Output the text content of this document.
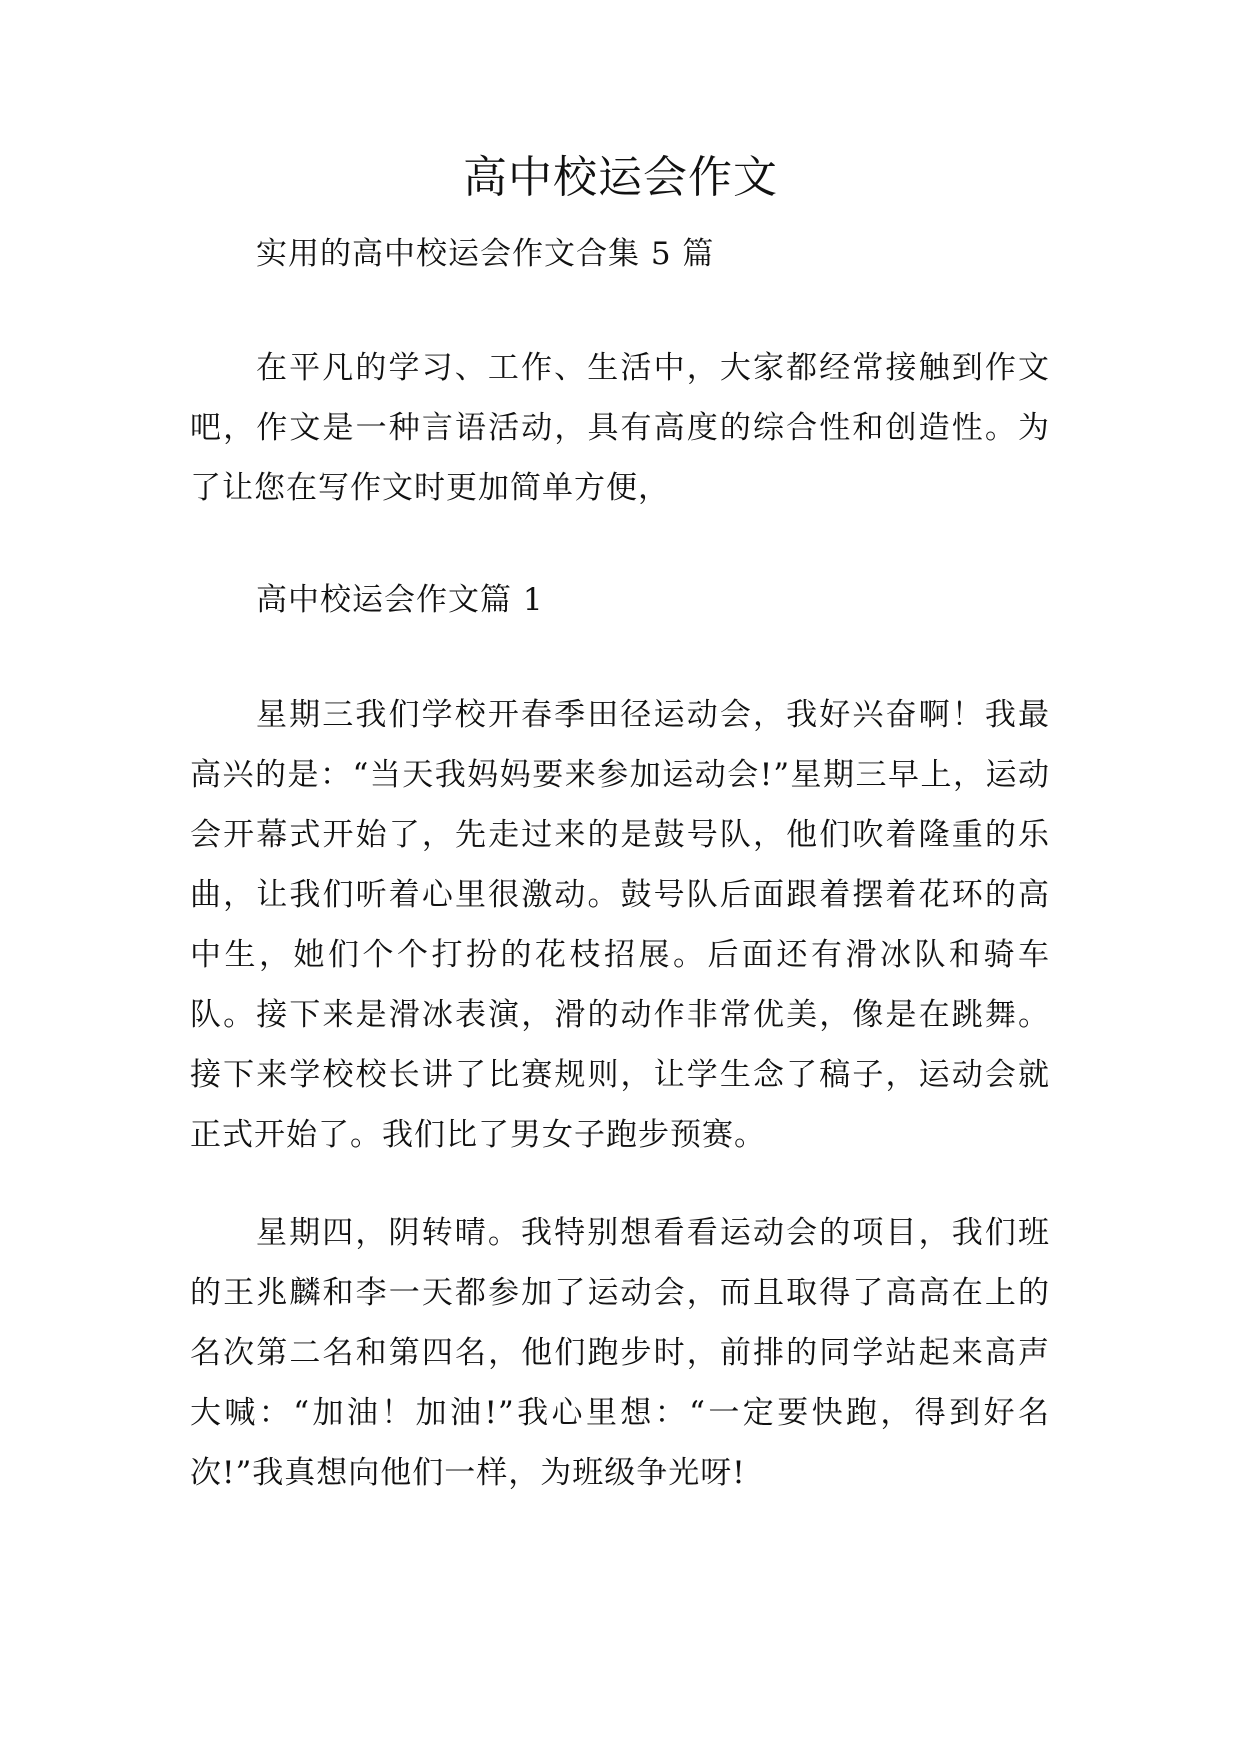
高中校运会作文

实用的高中校运会作文合集 5 篇

在平凡的学习、工作、生活中，大家都经常接触到作文吧，作文是一种言语活动，具有高度的综合性和创造性。为了让您在写作文时更加简单方便，

高中校运会作文篇 1

星期三我们学校开春季田径运动会，我好兴奋啊！我最高兴的是：“当天我妈妈要来参加运动会!”星期三早上，运动会开幕式开始了，先走过来的是鼓号队，他们吹着隆重的乐曲，让我们听着心里很激动。鼓号队后面跟着摆着花环的高中生，她们个个打扮的花枝招展。后面还有滑冰队和骑车队。接下来是滑冰表演，滑的动作非常优美，像是在跳舞。接下来学校校长讲了比赛规则，让学生念了稿子，运动会就正式开始了。我们比了男女子跑步预赛。

星期四，阴转晴。我特别想看看运动会的项目，我们班的王兆麟和李一天都参加了运动会，而且取得了高高在上的名次第二名和第四名，他们跑步时，前排的同学站起来高声大喊：“加油！加油!”我心里想：“一定要快跑，得到好名次!”我真想向他们一样，为班级争光呀!
